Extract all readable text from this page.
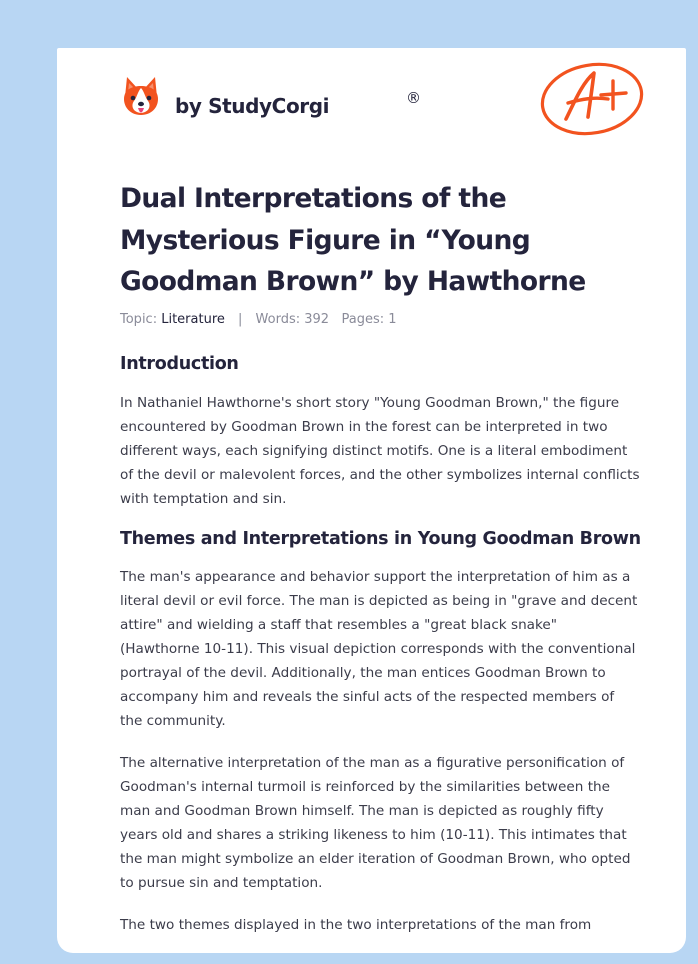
by StudyCorgi	®
Dual Interpretations of the Mysterious Figure in “Young Goodman Brown” by Hawthorne
Topic: Literature | Words: 392 Pages: 1
Introduction

In Nathaniel Hawthorne's short story "Young Goodman Brown," the figure encountered by Goodman Brown in the forest can be interpreted in two different ways, each signifying distinct motifs. One is a literal embodiment of the devil or malevolent forces, and the other symbolizes internal conflicts with temptation and sin.

Themes and Interpretations in Young Goodman Brown

The man's appearance and behavior support the interpretation of him as a literal devil or evil force. The man is depicted as being in "grave and decent attire" and wielding a staff that resembles a "great black snake" (Hawthorne 10-11). This visual depiction corresponds with the conventional portrayal of the devil. Additionally, the man entices Goodman Brown to accompany him and reveals the sinful acts of the respected members of the community.

The alternative interpretation of the man as a figurative personification of Goodman's internal turmoil is reinforced by the similarities between the man and Goodman Brown himself. The man is depicted as roughly fifty years old and shares a striking likeness to him (10-11). This intimates that the man might symbolize an elder iteration of Goodman Brown, who opted to pursue sin and temptation.

The two themes displayed in the two interpretations of the man from
